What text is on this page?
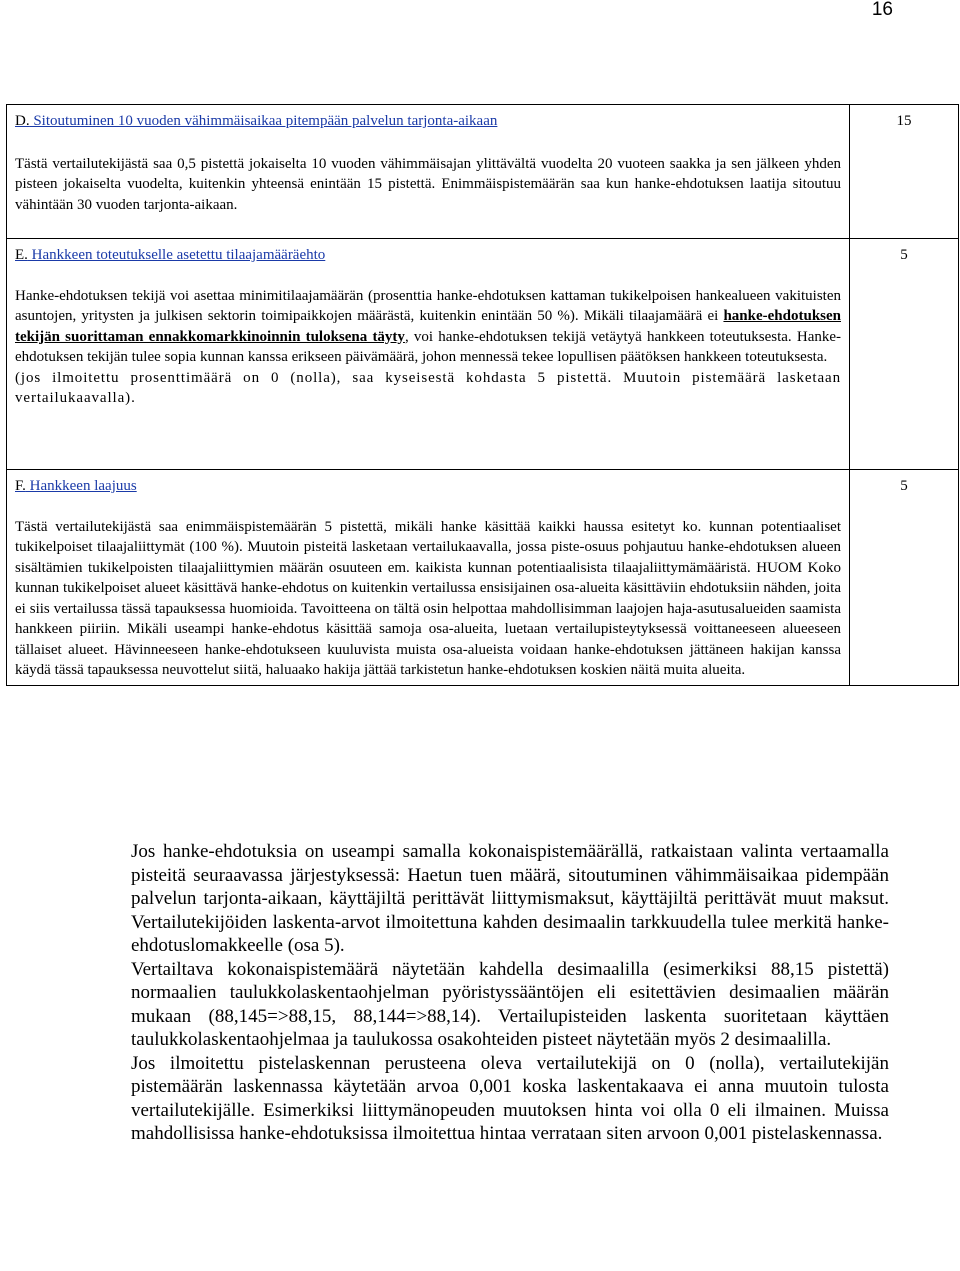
16

D. Sitoutuminen 10 vuoden vähimmäisaikaa pitempään palvelun tarjonta-aikaan

Tästä vertailutekijästä saa 0,5 pistettä jokaiselta 10 vuoden vähimmäisajan ylittävältä vuodelta 20 vuoteen saakka ja sen jälkeen yhden pisteen jokaiselta vuodelta, kuitenkin yhteensä enintään 15 pistettä. Enimmäispistemäärän saa kun hanke-ehdotuksen laatija sitoutuu vähintään 30 vuoden tarjonta-aikaan.	15

E. Hankkeen toteutukselle asetettu tilaajamääräehto

Hanke-ehdotuksen tekijä voi asettaa minimitilaajamäärän (prosenttia hanke-ehdotuksen kattaman tukikelpoisen hankealueen vakituisten asuntojen, yritysten ja julkisen sektorin toimipaikkojen määrästä, kuitenkin enintään 50 %). Mikäli tilaajamäärä ei hanke-ehdotuksen tekijän suorittaman ennakkomarkkinoinnin tuloksena täyty, voi hanke-ehdotuksen tekijä vetäytyä hankkeen toteutuksesta. Hanke-ehdotuksen tekijän tulee sopia kunnan kanssa erikseen päivämäärä, johon mennessä tekee lopullisen päätöksen hankkeen toteutuksesta.

(jos ilmoitettu prosenttimäärä on 0 (nolla), saa kyseisestä kohdasta 5 pistettä. Muutoin pistemäärä lasketaan vertailukaavalla).	5

F. Hankkeen laajuus

Tästä vertailutekijästä saa enimmäispistemäärän 5 pistettä, mikäli hanke käsittää kaikki haussa esitetyt ko. kunnan potentiaaliset tukikelpoiset tilaajaliittymät (100 %). Muutoin pisteitä lasketaan vertailukaavalla, jossa piste-osuus pohjautuu hanke-ehdotuksen alueen sisältämien tukikelpoisten tilaajaliittymien määrän osuuteen em. kaikista kunnan potentiaalisista tilaajaliittymämääristä. HUOM Koko kunnan tukikelpoiset alueet käsittävä hanke-ehdotus on kuitenkin vertailussa ensisijainen osa-alueita käsittäviin ehdotuksiin nähden, joita ei siis vertailussa tässä tapauksessa huomioida. Tavoitteena on tältä osin helpottaa mahdollisimman laajojen haja-asutusalueiden saamista hankkeen piiriin. Mikäli useampi hanke-ehdotus käsittää samoja osa-alueita, luetaan vertailupisteytyksessä voittaneeseen alueeseen tällaiset alueet. Hävinneeseen hanke-ehdotukseen kuuluvista muista osa-alueista voidaan hanke-ehdotuksen jättäneen hakijan kanssa käydä tässä tapauksessa neuvottelut siitä, haluaako hakija jättää tarkistetun hanke-ehdotuksen koskien näitä muita alueita.	5

Jos hanke-ehdotuksia on useampi samalla kokonaispistemäärällä, ratkaistaan valinta vertaamalla pisteitä seuraavassa järjestyksessä: Haetun tuen määrä, sitoutuminen vähimmäisaikaa pidempään palvelun tarjonta-aikaan, käyttäjiltä perittävät liittymismaksut, käyttäjiltä perittävät muut maksut. Vertailutekijöiden laskenta-arvot ilmoitettuna kahden desimaalin tarkkuudella tulee merkitä hanke-ehdotuslomakkeelle (osa 5).

Vertailtava kokonaispistemäärä näytetään kahdella desimaalilla (esimerkiksi 88,15 pistettä) normaalien taulukkolaskentaohjelman pyöristyssääntöjen eli esitettävien desimaalien määrän mukaan (88,145=>88,15, 88,144=>88,14). Vertailupisteiden laskenta suoritetaan käyttäen taulukkolaskentaohjelmaa ja taulukossa osakohteiden pisteet näytetään myös 2 desimaalilla.

Jos ilmoitettu pistelaskennan perusteena oleva vertailutekijä on 0 (nolla), vertailutekijän pistemäärän laskennassa käytetään arvoa 0,001 koska laskentakaava ei anna muutoin tulosta vertailutekijälle. Esimerkiksi liittymänopeuden muutoksen hinta voi olla 0 eli ilmainen. Muissa mahdollisissa hanke-ehdotuksissa ilmoitettua hintaa verrataan siten arvoon 0,001 pistelaskennassa.
